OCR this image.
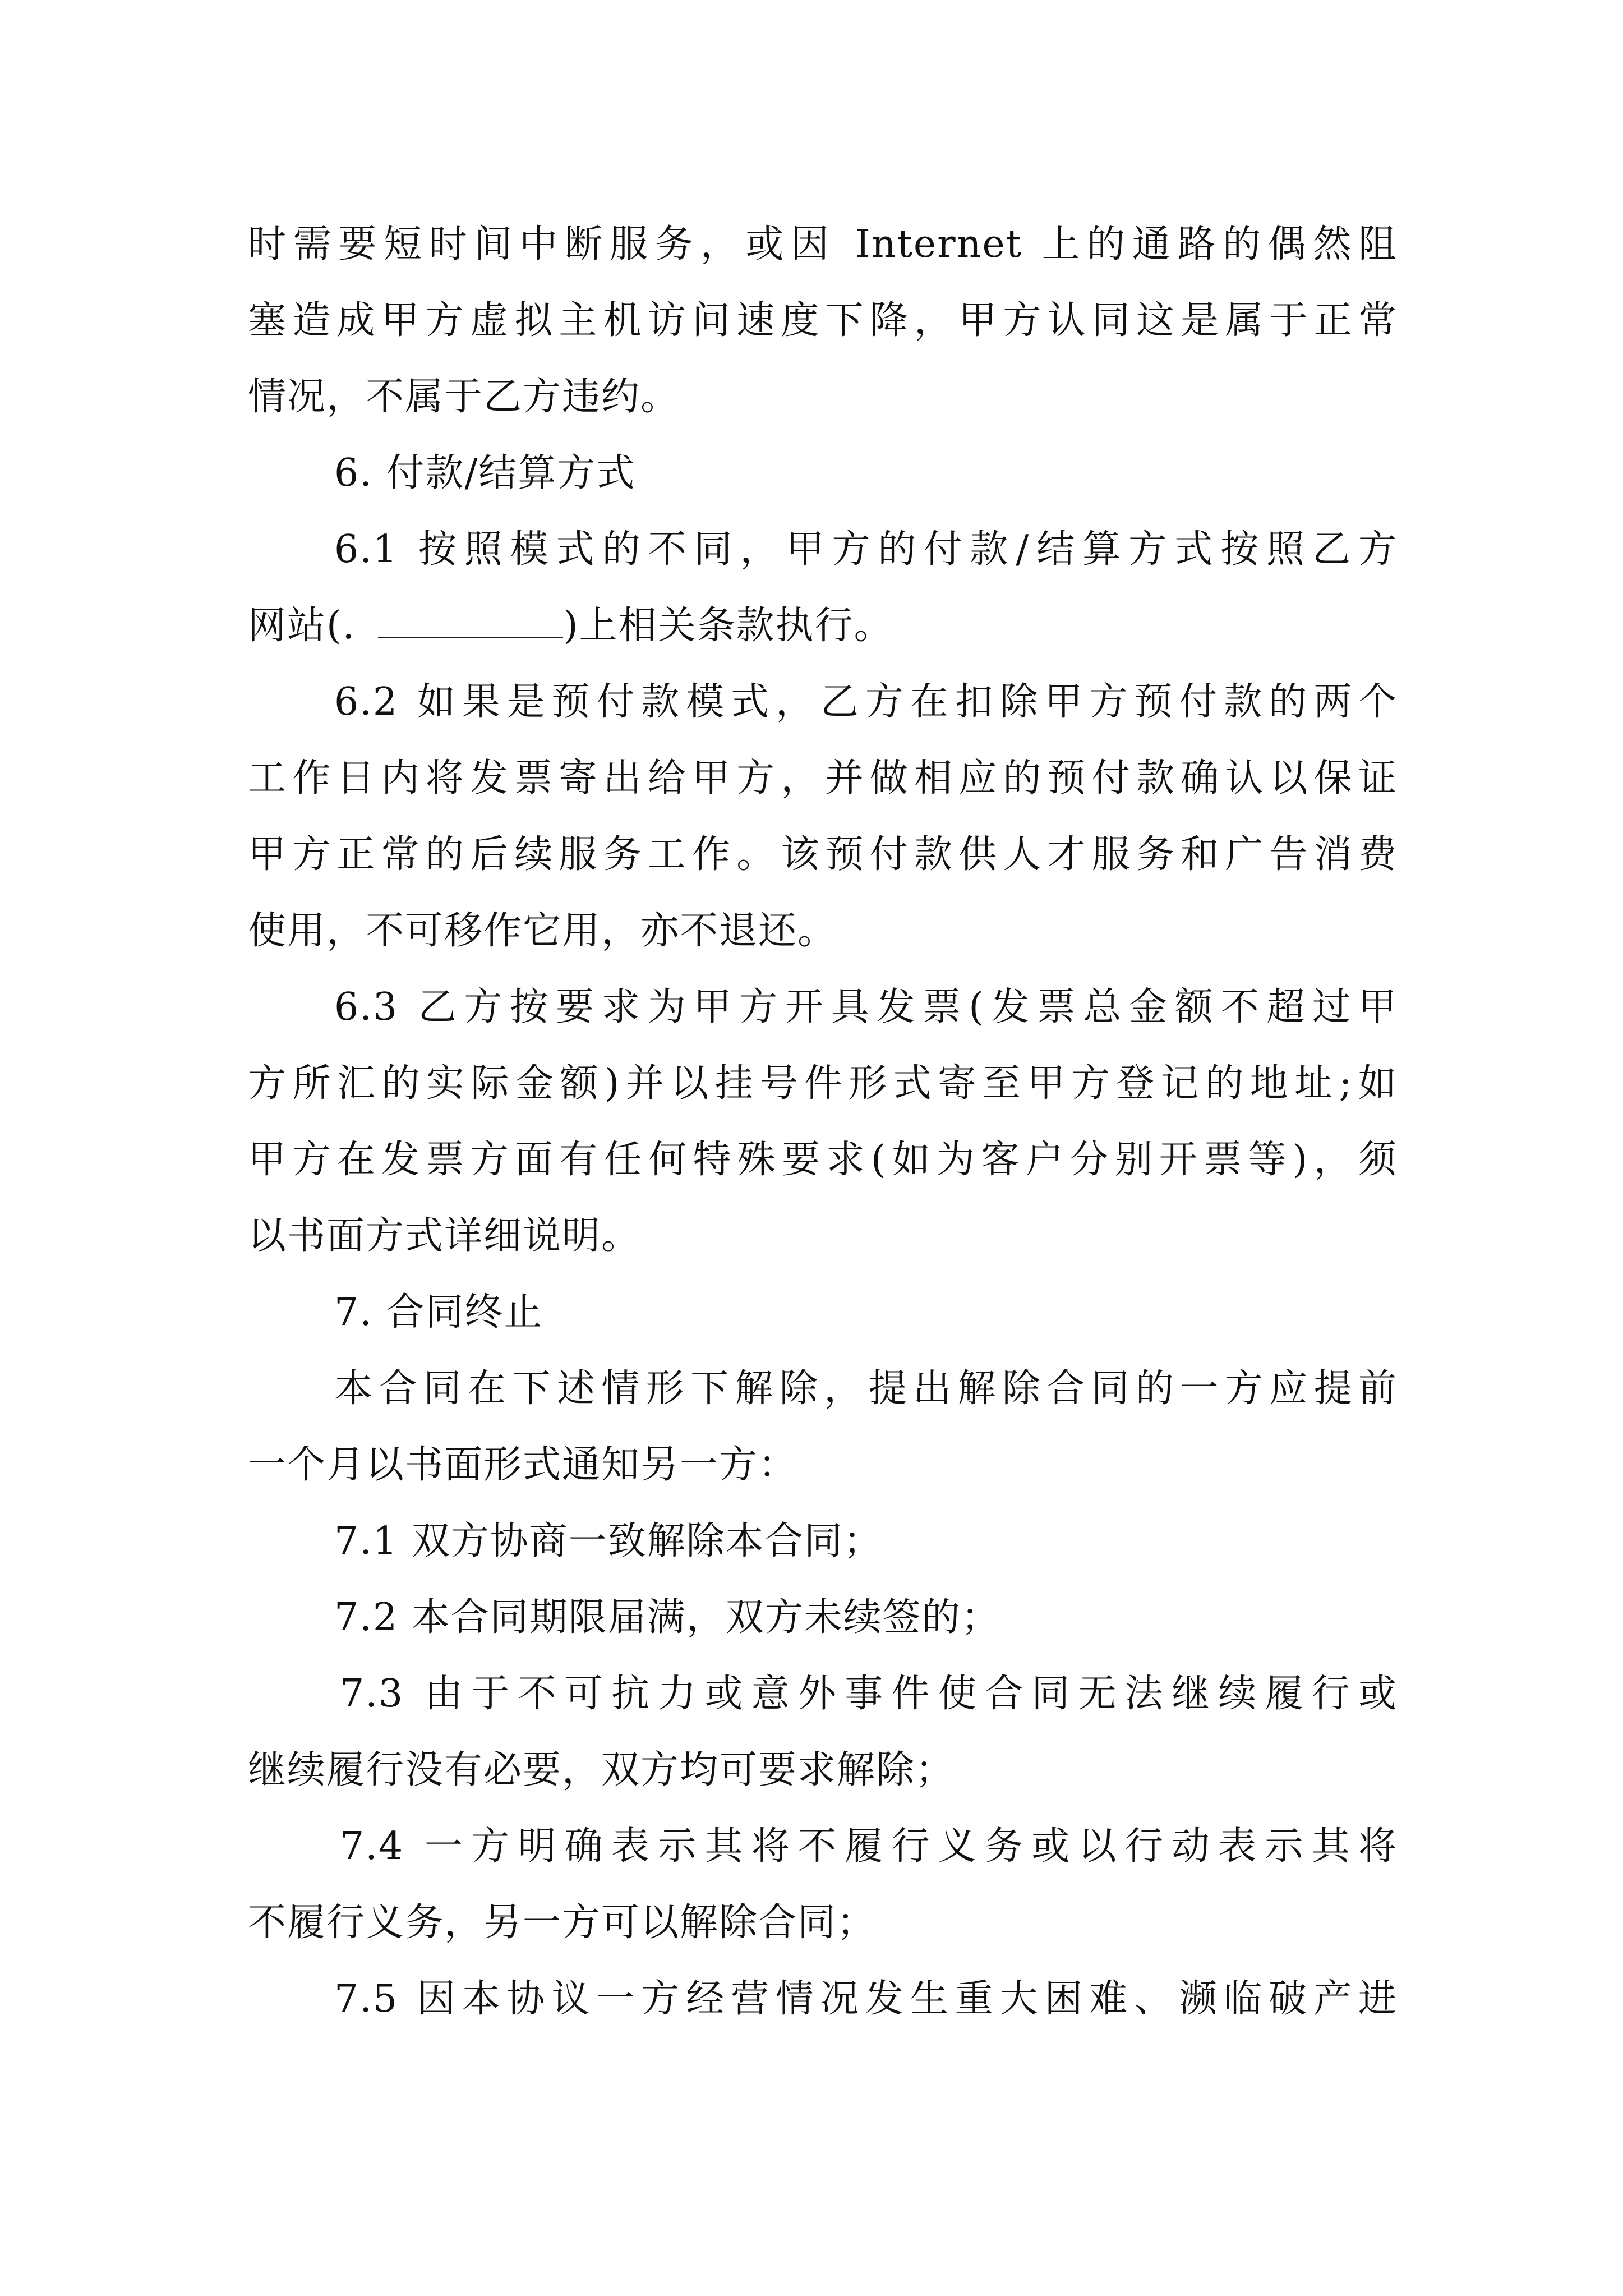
时需要短时间中断服务，或因 Internet 上的通路的偶然阻
塞造成甲方虚拟主机访问速度下降，甲方认同这是属于正常
情况，不属于乙方违约。
6. 付款/结算方式
6.1 按照模式的不同，甲方的付款/结算方式按照乙方
网站(.	)上相关条款执行。
6.2 如果是预付款模式，乙方在扣除甲方预付款的两个
工作日内将发票寄出给甲方，并做相应的预付款确认以保证
甲方正常的后续服务工作。该预付款供人才服务和广告消费
使用，不可移作它用，亦不退还。
6.3 乙方按要求为甲方开具发票(发票总金额不超过甲
方所汇的实际金额)并以挂号件形式寄至甲方登记的地址;如
甲方在发票方面有任何特殊要求(如为客户分别开票等)，须
以书面方式详细说明。
7. 合同终止
本合同在下述情形下解除，提出解除合同的一方应提前
一个月以书面形式通知另一方：
7.1 双方协商一致解除本合同；
7.2 本合同期限届满，双方未续签的；
7.3 由于不可抗力或意外事件使合同无法继续履行或
继续履行没有必要，双方均可要求解除；
7.4 一方明确表示其将不履行义务或以行动表示其将
不履行义务，另一方可以解除合同；
7.5 因本协议一方经营情况发生重大困难、濒临破产进
